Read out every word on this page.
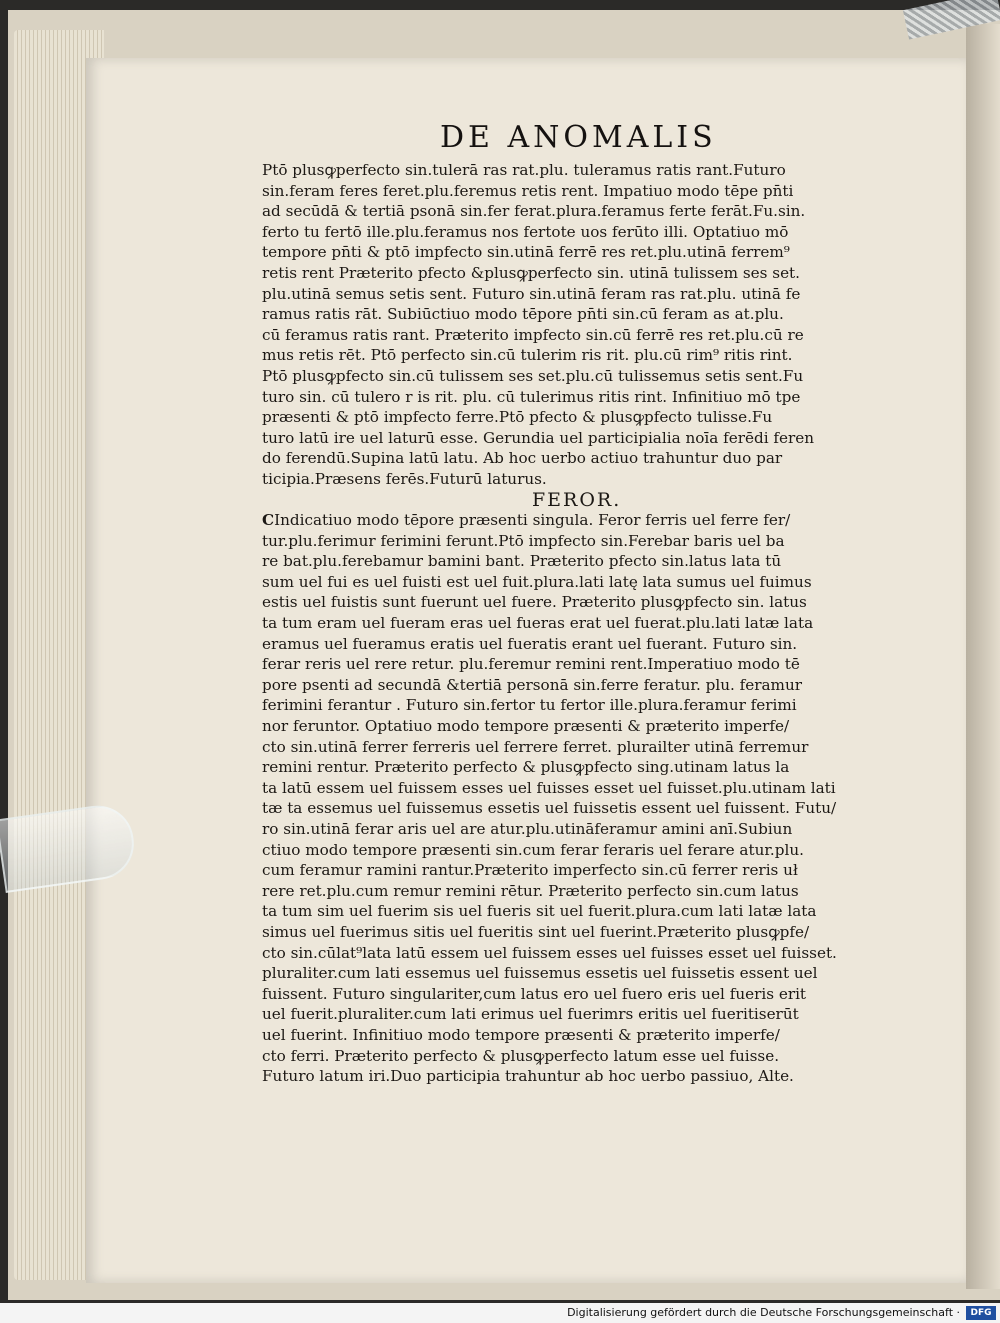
DE ANOMALIS
Ptō plusꝙperfecto sin.tulerā ras rat.plu. tuleramus ratis rant.Futuro
sin.feram feres feret.plu.feremus retis rent. Impatiuo modo tēpe pn̄ti
ad secūdā & tertiā psonā sin.fer ferat.plura.feramus ferte ferāt.Fu.sin.
ferto tu fertō ille.plu.feramus nos fertote uos ferūto illi. Optatiuo mō
tempore pn̄ti & ptō impfecto sin.utinā ferrē res ret.plu.utinā ferrem⁹
retis rent Præterito pfecto &plusꝙperfecto sin. utinā tulissem ses set.
plu.utinā semus setis sent. Futuro sin.utinā feram ras rat.plu. utinā fe
ramus ratis rāt. Subiūctiuo modo tēpore pn̄ti sin.cū feram as at.plu.
cū feramus ratis rant. Præterito impfecto sin.cū ferrē res ret.plu.cū re
mus retis rēt. Ptō perfecto sin.cū tulerim ris rit. plu.cū rim⁹ ritis rint.
Ptō plusꝙpfecto sin.cū tulissem ses set.plu.cū tulissemus setis sent.Fu
turo sin. cū tulero r is rit. plu. cū tulerimus ritis rint. Infinitiuo mō tpe
præsenti & ptō impfecto ferre.Ptō pfecto & plusꝙpfecto tulisse.Fu
turo latū ire uel laturū esse. Gerundia uel participialia noīa ferēdi feren
do ferendū.Supina latū latu. Ab hoc uerbo actiuo trahuntur duo par
ticipia.Præsens ferēs.Futurū laturus.
FEROR.
CIndicatiuo modo tēpore præsenti singula. Feror ferris uel ferre fer/
tur.plu.ferimur ferimini ferunt.Ptō impfecto sin.Ferebar baris uel ba
re bat.plu.ferebamur bamini bant. Præterito pfecto sin.latus lata tū
sum uel fui es uel fuisti est uel fuit.plura.lati latę lata sumus uel fuimus
estis uel fuistis sunt fuerunt uel fuere. Præterito plusꝙpfecto sin. latus
ta tum eram uel fueram eras uel fueras erat uel fuerat.plu.lati latæ lata
eramus uel fueramus eratis uel fueratis erant uel fuerant. Futuro sin.
ferar reris uel rere retur. plu.feremur remini rent.Imperatiuo modo tē
pore psenti ad secundā &tertiā personā sin.ferre feratur. plu. feramur
ferimini ferantur . Futuro sin.fertor tu fertor ille.plura.feramur ferimi
nor feruntor. Optatiuo modo tempore præsenti & præterito imperfe/
cto sin.utinā ferrer ferreris uel ferrere ferret. plurailter utinā ferremur
remini rentur. Præterito perfecto & plusꝙpfecto sing.utinam latus la
ta latū essem uel fuissem esses uel fuisses esset uel fuisset.plu.utinam lati
tæ ta essemus uel fuissemus essetis uel fuissetis essent uel fuissent. Futu/
ro sin.utinā ferar aris uel are atur.plu.utināferamur amini anī.Subiun
ctiuo modo tempore præsenti sin.cum ferar feraris uel ferare atur.plu.
cum feramur ramini rantur.Præterito imperfecto sin.cū ferrer reris uł
rere ret.plu.cum remur remini rētur. Præterito perfecto sin.cum latus
ta tum sim uel fuerim sis uel fueris sit uel fuerit.plura.cum lati latæ lata
simus uel fuerimus sitis uel fueritis sint uel fuerint.Præterito plusꝙpfe/
cto sin.cūlat⁹lata latū essem uel fuissem esses uel fuisses esset uel fuisset.
pluraliter.cum lati essemus uel fuissemus essetis uel fuissetis essent uel
fuissent. Futuro singulariter,cum latus ero uel fuero eris uel fueris erit
uel fuerit.pluraliter.cum lati erimus uel fuerimrs eritis uel fueritiserūt
uel fuerint. Infinitiuo modo tempore præsenti & præterito imperfe/
cto ferri. Præterito perfecto & plusꝙperfecto latum esse uel fuisse.
Futuro latum iri.Duo participia trahuntur ab hoc uerbo passiuo, Alte.
Digitalisierung gefördert durch die Deutsche Forschungsgemeinschaft · DFG
